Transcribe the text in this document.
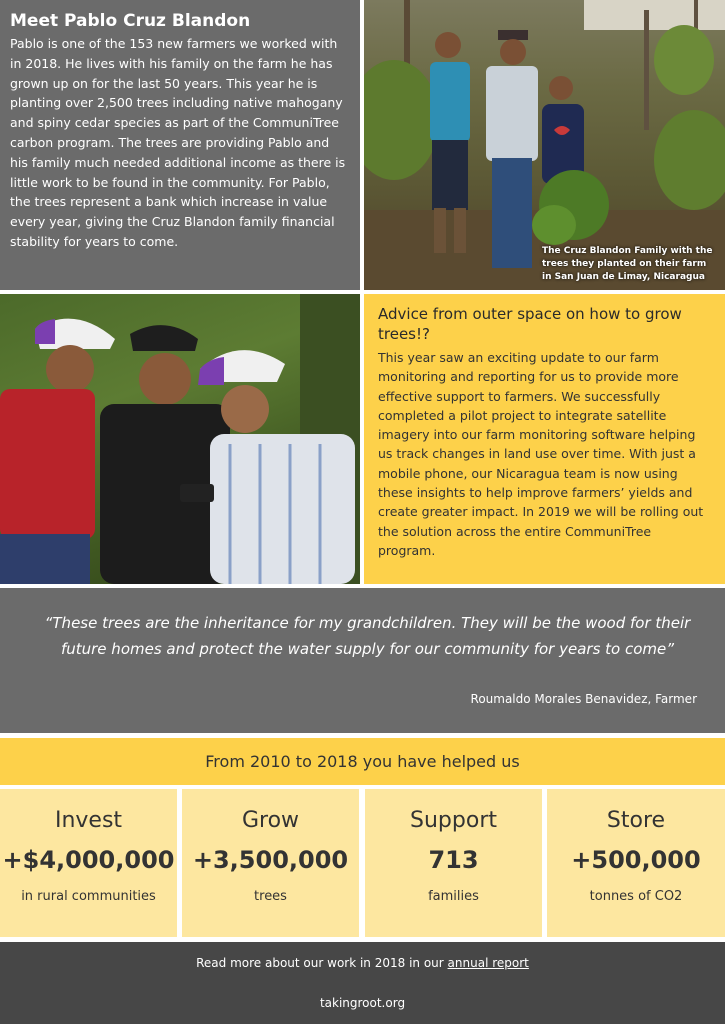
Meet Pablo Cruz Blandon

Pablo is one of the 153 new farmers we worked with in 2018. He lives with his family on the farm he has grown up on for the last 50 years. This year he is planting over 2,500 trees including native mahogany and spiny cedar species as part of the CommuniTree carbon program. The trees are providing Pablo and his family much needed additional income as there is little work to be found in the community. For Pablo, the trees represent a bank which increase in value every year, giving the Cruz Blandon family financial stability for years to come.

The Cruz Blandon Family with the trees they planted on their farm in San Juan de Limay, Nicaragua
Advice from outer space on how to grow trees!?

This year saw an exciting update to our farm monitoring and reporting for us to provide more effective support to farmers. We successfully completed a pilot project to integrate satellite imagery into our farm monitoring software helping us track changes in land use over time. With just a mobile phone, our Nicaragua team is now using these insights to help improve farmers’ yields and create greater impact. In 2019 we will be rolling out the solution across the entire CommuniTree program.

“These trees are the inheritance for my grandchildren. They will be the wood for their future homes and protect the water supply for our community for years to come”
Roumaldo Morales Benavidez, Farmer
From 2010 to 2018 you have helped us
Invest
+$4,000,000
in rural communities
Grow
+3,500,000
trees
Support
713
families
Store
+500,000
tonnes of CO2
Read more about our work in 2018 in our annual report
takingroot.org
